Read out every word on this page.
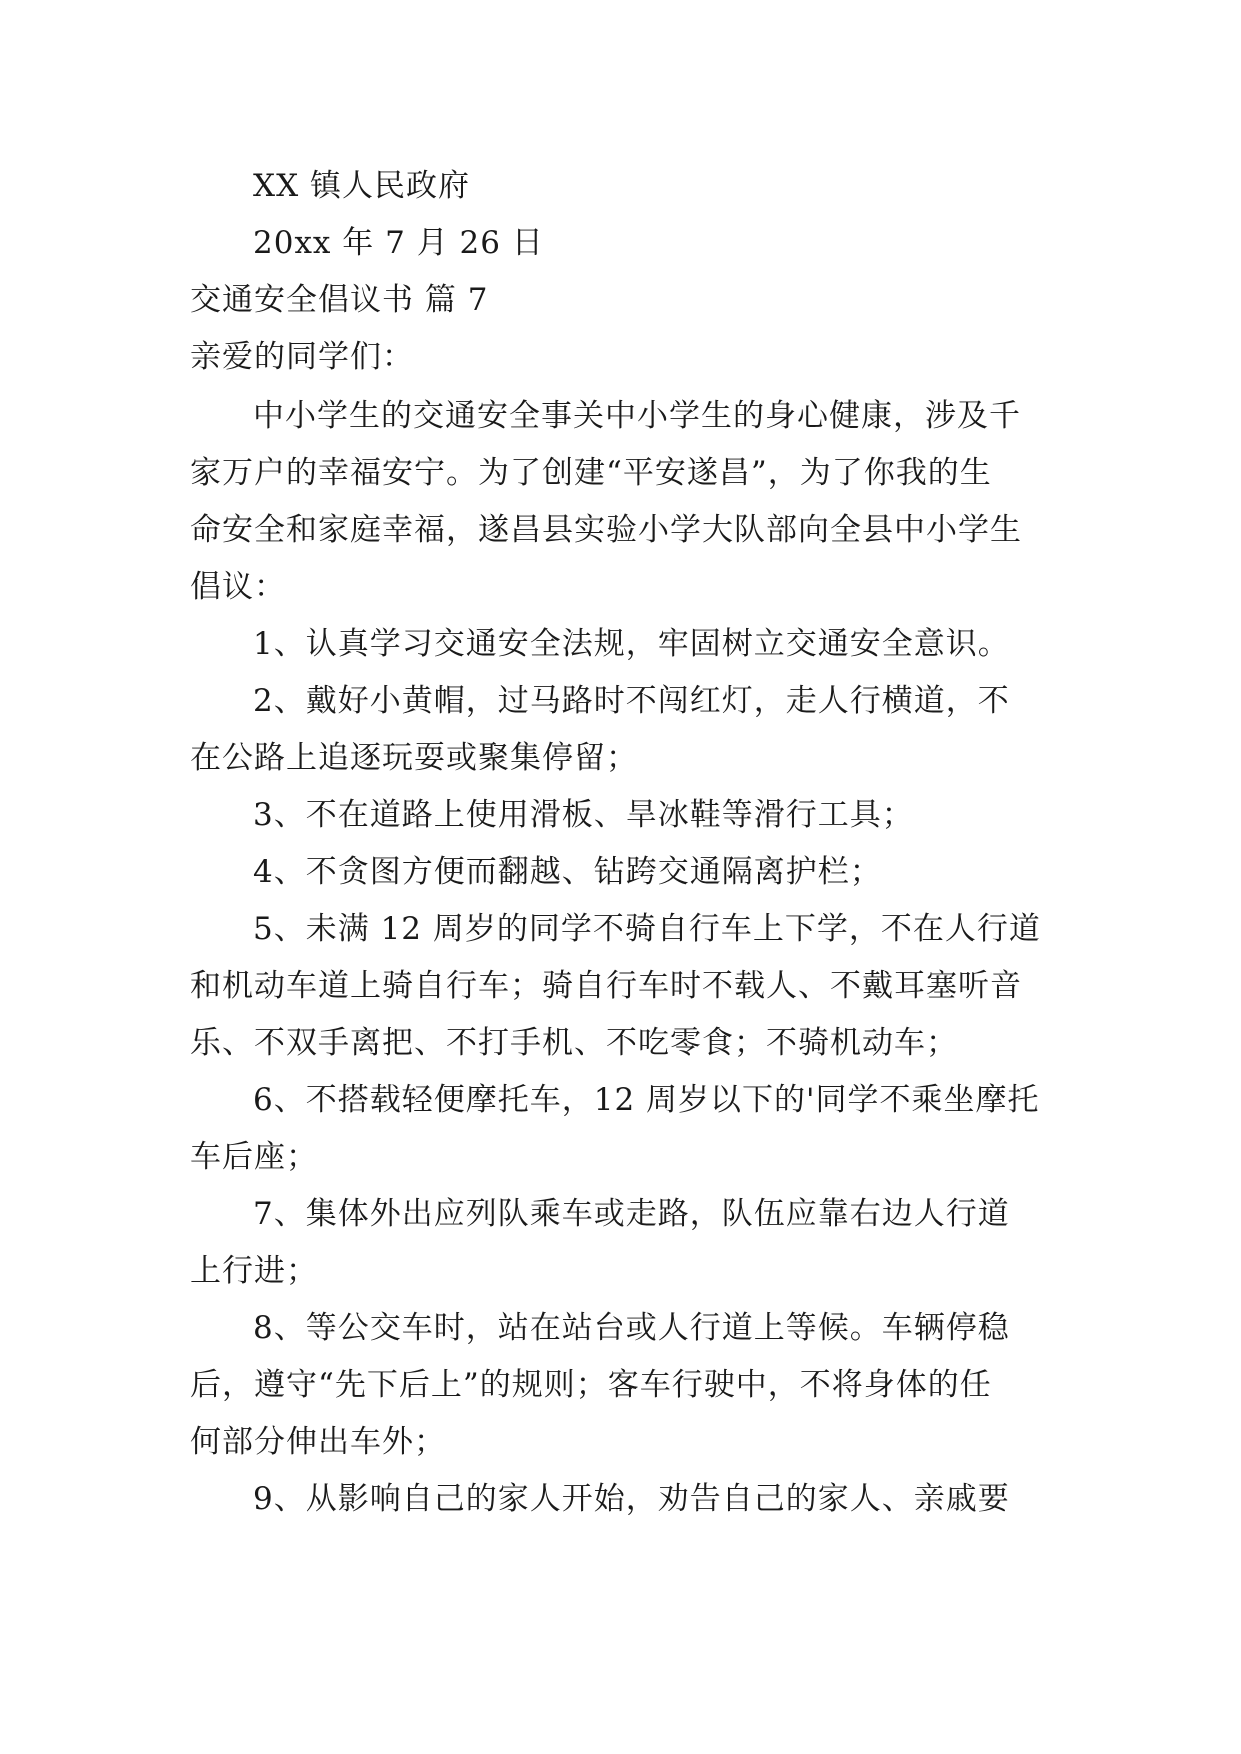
XX 镇人民政府
20xx 年 7 月 26 日
交通安全倡议书 篇 7
亲爱的同学们：
中小学生的交通安全事关中小学生的身心健康，涉及千
家万户的幸福安宁。为了创建“平安遂昌”，为了你我的生
命安全和家庭幸福，遂昌县实验小学大队部向全县中小学生
倡议：
1、认真学习交通安全法规，牢固树立交通安全意识。
2、戴好小黄帽，过马路时不闯红灯，走人行横道，不
在公路上追逐玩耍或聚集停留；
3、不在道路上使用滑板、旱冰鞋等滑行工具；
4、不贪图方便而翻越、钻跨交通隔离护栏；
5、未满 12 周岁的同学不骑自行车上下学，不在人行道
和机动车道上骑自行车；骑自行车时不载人、不戴耳塞听音
乐、不双手离把、不打手机、不吃零食；不骑机动车；
6、不搭载轻便摩托车，12 周岁以下的'同学不乘坐摩托
车后座；
7、集体外出应列队乘车或走路，队伍应靠右边人行道
上行进；
8、等公交车时，站在站台或人行道上等候。车辆停稳
后，遵守“先下后上”的规则；客车行驶中，不将身体的任
何部分伸出车外；
9、从影响自己的家人开始，劝告自己的家人、亲戚要
